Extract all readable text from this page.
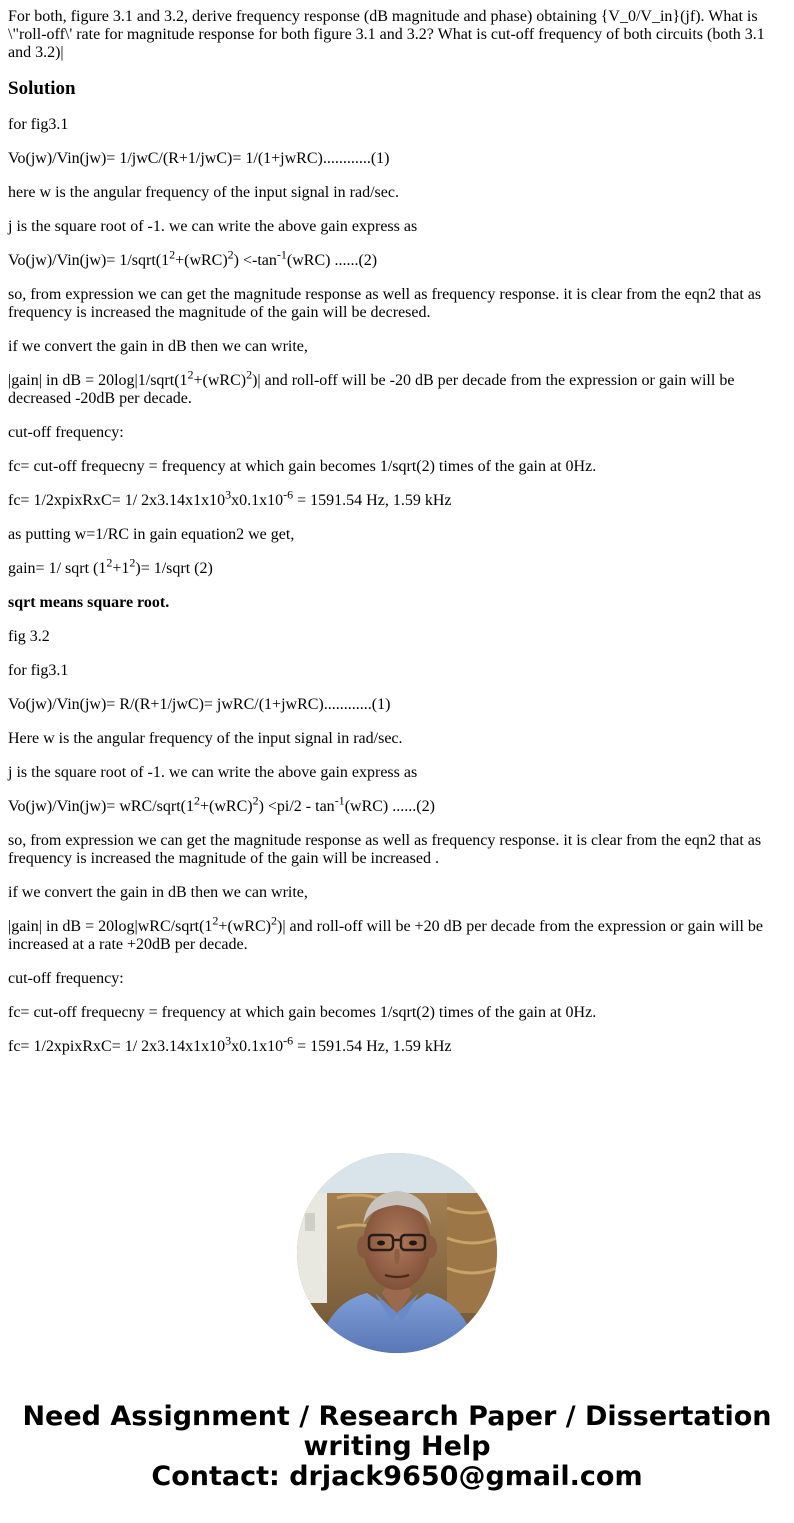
For both, figure 3.1 and 3.2, derive frequency response (dB magnitude and phase) obtaining {V_0/V_in}(jf). What is \"roll-off\' rate for magnitude response for both figure 3.1 and 3.2? What is cut-off frequency of both circuits (both 3.1 and 3.2)|

Solution

for fig3.1

Vo(jw)/Vin(jw)= 1/jwC/(R+1/jwC)= 1/(1+jwRC)............(1)

here w is the angular frequency of the input signal in rad/sec.

j is the square root of -1. we can write the above gain express as

$Vo(jw)/Vin(jw)= 1/sqrt(1^2+(wRC)^2) <-\tan^{-1}(wRC)$ ......(2)

so, from expression we can get the magnitude response as well as frequency response. it is clear from the eqn2 that as frequency is increased the magnitude of the gain will be decresed.

if we convert the gain in dB then we can write,

|gain| in dB = $20\log|1/sqrt(1^2+(wRC)^2)|$ and roll-off will be -20 dB per decade from the expression or gain will be decreased -20dB per decade.

cut-off frequency:

fc= cut-off frequecny = frequency at which gain becomes 1/sqrt(2) times of the gain at 0Hz.

fc= 1/2xpixRxC= 1/ $2x3.14x1x10^3x0.1x10^{-6} = 1591.54$ Hz, 1.59 kHz

as putting w=1/RC in gain equation2 we get,

gain= 1/ sqrt $(1^2+1^2)=$ 1/sqrt (2)

sqrt means square root.

fig 3.2

for fig3.1

Vo(jw)/Vin(jw)= R/(R+1/jwC)= jwRC/(1+jwRC)............(1)

Here w is the angular frequency of the input signal in rad/sec.

j is the square root of -1. we can write the above gain express as

Vo(jw)/Vin(jw)= wRC/$sqrt(1^2+(wRC)^2) <pi/2 - \tan^{-1}(wRC)$ ......(2)

so, from expression we can get the magnitude response as well as frequency response. it is clear from the eqn2 that as frequency is increased the magnitude of the gain will be increased .

if we convert the gain in dB then we can write,

|gain| in dB = $20\log|wRC/sqrt(1^2+(wRC)^2)|$ and roll-off will be +20 dB per decade from the expression or gain will be increased at a rate +20dB per decade.

cut-off frequency:

fc= cut-off frequecny = frequency at which gain becomes 1/sqrt(2) times of the gain at 0Hz.

fc= 1/2xpixRxC= 1/ $2x3.14x1x10^3x0.1x10^{-6} = 1591.54$ Hz, 1.59 kHz

Need Assignment / Research Paper / Dissertation
writing Help
Contact: drjack9650@gmail.com
